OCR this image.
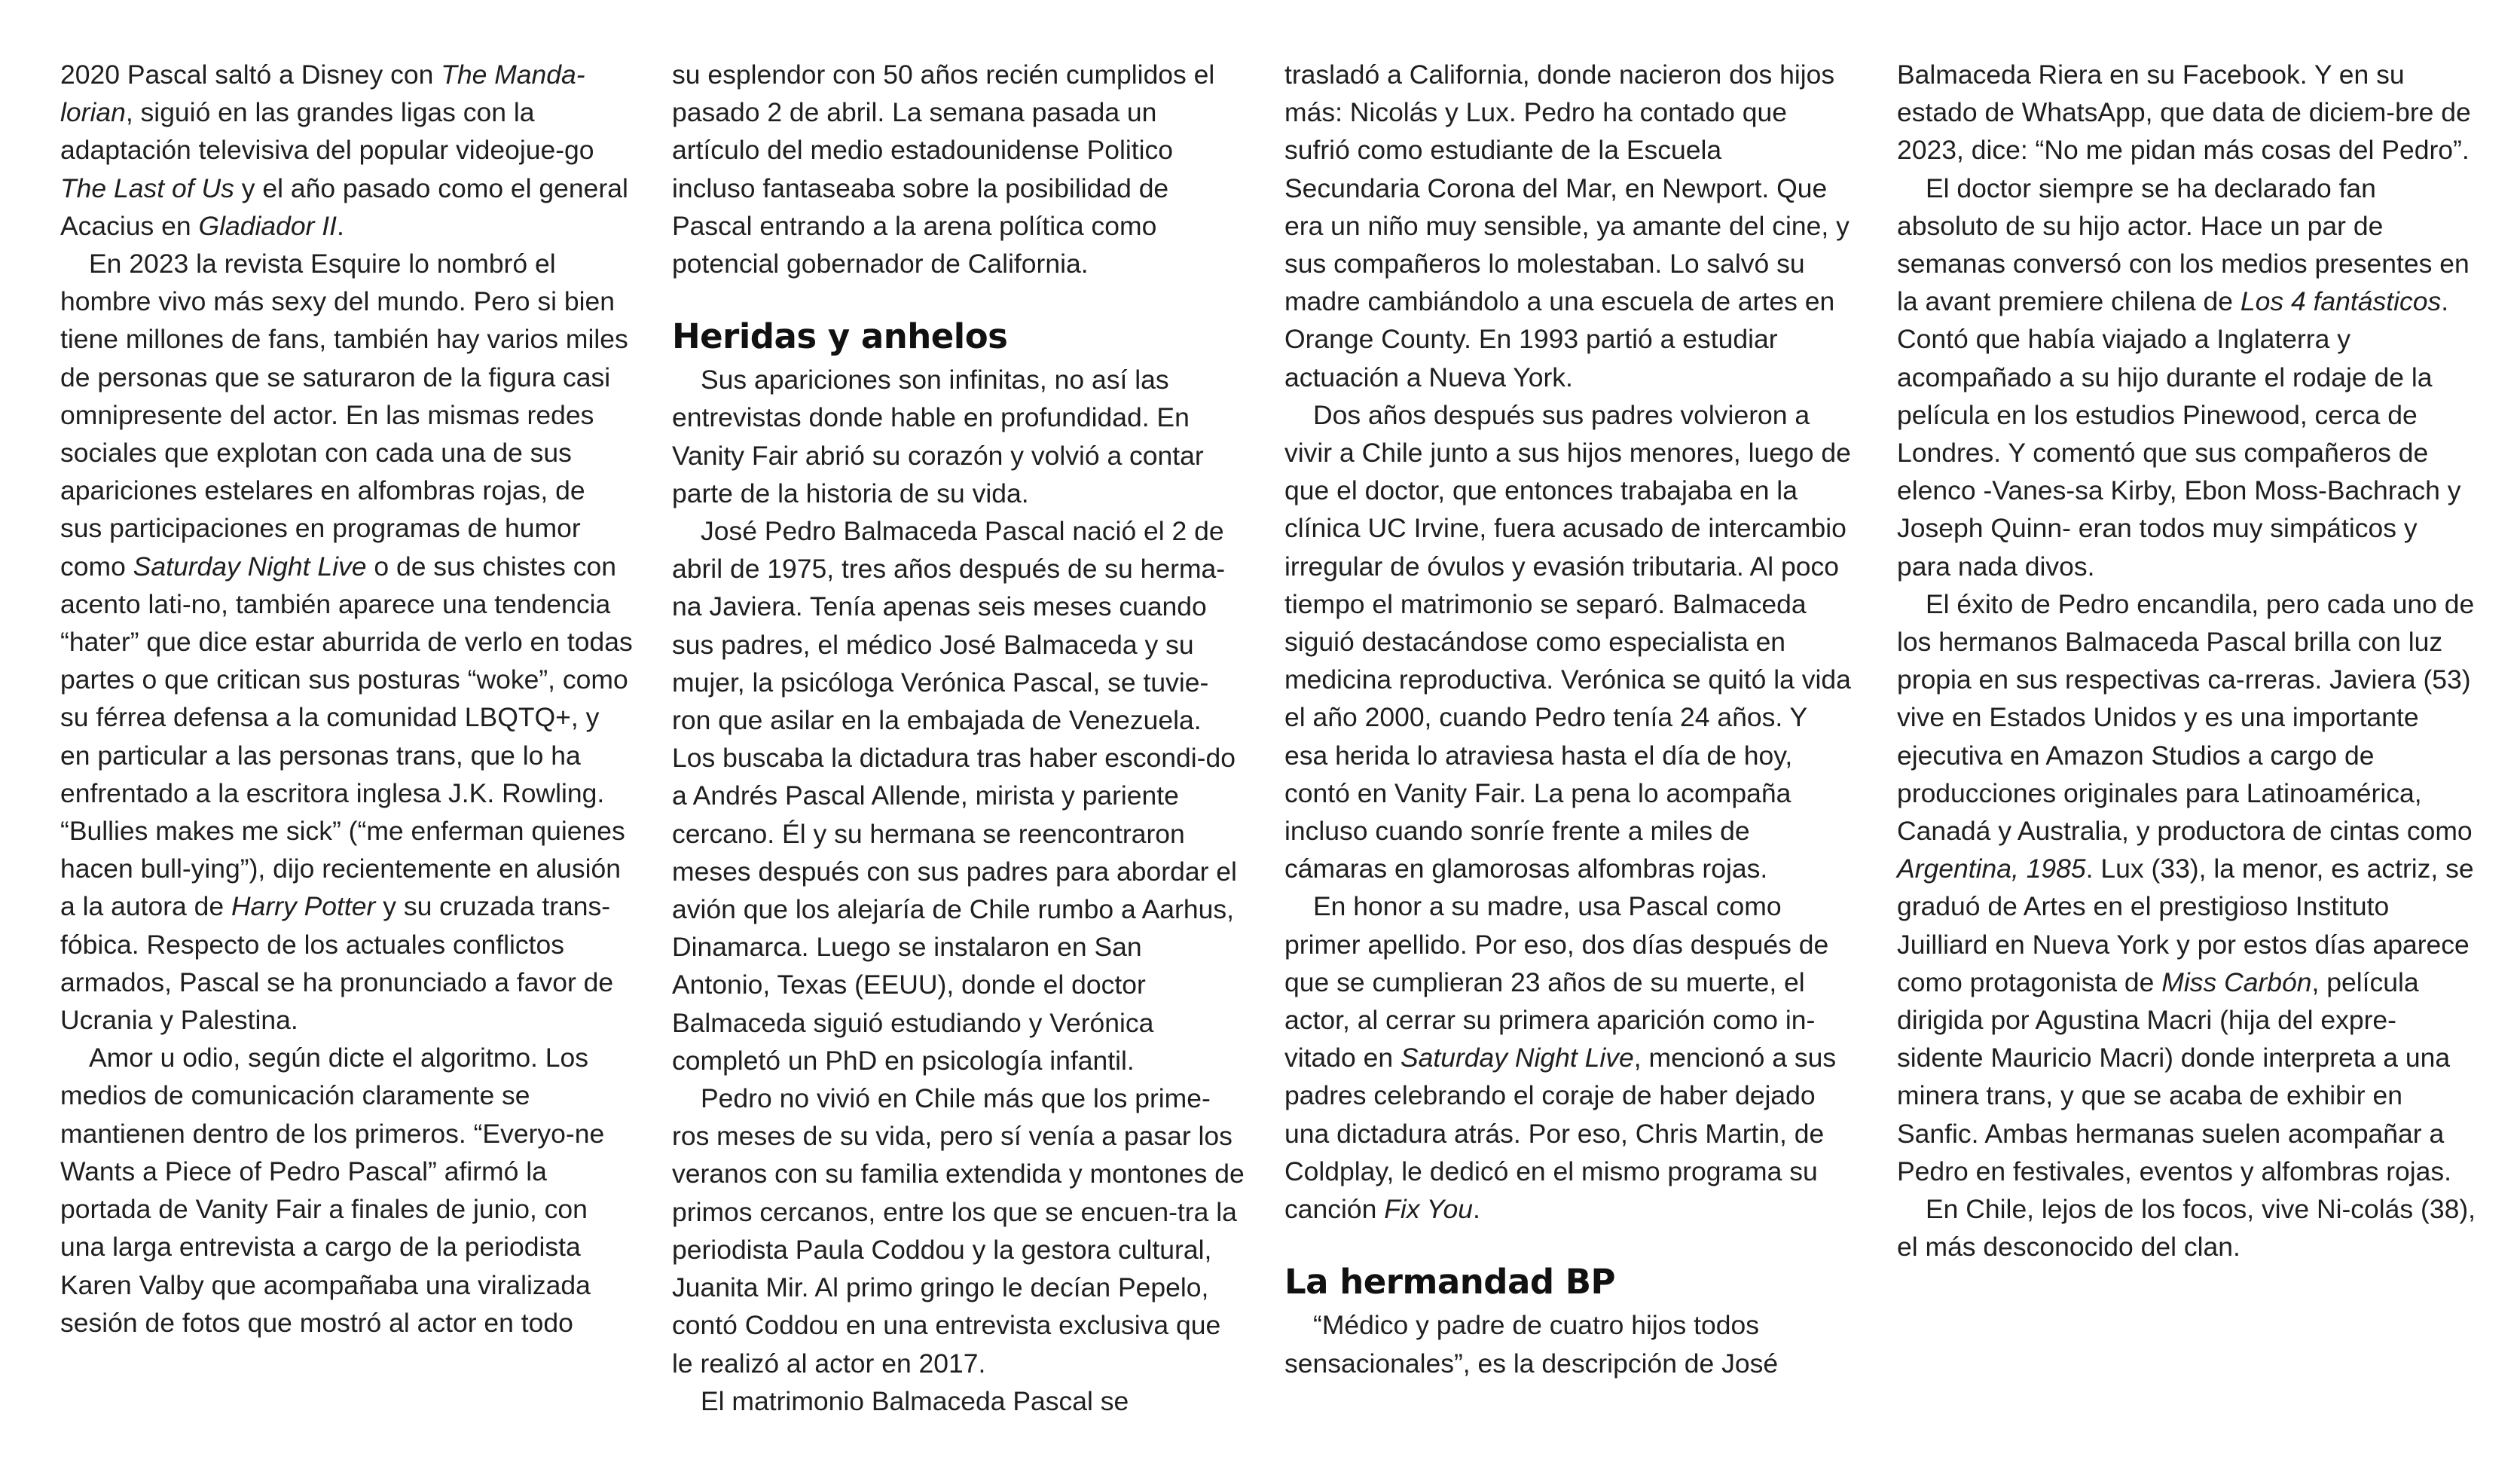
2020 Pascal saltó a Disney con The Manda-lorian, siguió en las grandes ligas con la adaptación televisiva del popular videojue-go The Last of Us y el año pasado como el general Acacius en Gladiador II.

En 2023 la revista Esquire lo nombró el hombre vivo más sexy del mundo. Pero si bien tiene millones de fans, también hay varios miles de personas que se saturaron de la figura casi omnipresente del actor. En las mismas redes sociales que explotan con cada una de sus apariciones estelares en alfombras rojas, de sus participaciones en programas de humor como Saturday Night Live o de sus chistes con acento lati-no, también aparece una tendencia “hater” que dice estar aburrida de verlo en todas partes o que critican sus posturas “woke”, como su férrea defensa a la comunidad LBQTQ+, y en particular a las personas trans, que lo ha enfrentado a la escritora inglesa J.K. Rowling. “Bullies makes me sick” (“me enferman quienes hacen bull-ying”), dijo recientemente en alusión a la autora de Harry Potter y su cruzada trans-fóbica. Respecto de los actuales conflictos armados, Pascal se ha pronunciado a favor de Ucrania y Palestina.

Amor u odio, según dicte el algoritmo. Los medios de comunicación claramente se mantienen dentro de los primeros. “Everyo-ne Wants a Piece of Pedro Pascal” afirmó la portada de Vanity Fair a finales de junio, con una larga entrevista a cargo de la periodista Karen Valby que acompañaba una viralizada sesión de fotos que mostró al actor en todo

su esplendor con 50 años recién cumplidos el pasado 2 de abril. La semana pasada un artículo del medio estadounidense Politico incluso fantaseaba sobre la posibilidad de Pascal entrando a la arena política como potencial gobernador de California.

Heridas y anhelos

Sus apariciones son infinitas, no así las entrevistas donde hable en profundidad. En Vanity Fair abrió su corazón y volvió a contar parte de la historia de su vida.

José Pedro Balmaceda Pascal nació el 2 de abril de 1975, tres años después de su herma-na Javiera. Tenía apenas seis meses cuando sus padres, el médico José Balmaceda y su mujer, la psicóloga Verónica Pascal, se tuvie-ron que asilar en la embajada de Venezuela. Los buscaba la dictadura tras haber escondi-do a Andrés Pascal Allende, mirista y pariente cercano. Él y su hermana se reencontraron meses después con sus padres para abordar el avión que los alejaría de Chile rumbo a Aarhus, Dinamarca. Luego se instalaron en San Antonio, Texas (EEUU), donde el doctor Balmaceda siguió estudiando y Verónica completó un PhD en psicología infantil.

Pedro no vivió en Chile más que los prime-ros meses de su vida, pero sí venía a pasar los veranos con su familia extendida y montones de primos cercanos, entre los que se encuen-tra la periodista Paula Coddou y la gestora cultural, Juanita Mir. Al primo gringo le decían Pepelo, contó Coddou en una entrevista exclusiva que le realizó al actor en 2017.

El matrimonio Balmaceda Pascal se

trasladó a California, donde nacieron dos hijos más: Nicolás y Lux. Pedro ha contado que sufrió como estudiante de la Escuela Secundaria Corona del Mar, en Newport. Que era un niño muy sensible, ya amante del cine, y sus compañeros lo molestaban. Lo salvó su madre cambiándolo a una escuela de artes en Orange County. En 1993 partió a estudiar actuación a Nueva York.

Dos años después sus padres volvieron a vivir a Chile junto a sus hijos menores, luego de que el doctor, que entonces trabajaba en la clínica UC Irvine, fuera acusado de intercambio irregular de óvulos y evasión tributaria. Al poco tiempo el matrimonio se separó. Balmaceda siguió destacándose como especialista en medicina reproductiva. Verónica se quitó la vida el año 2000, cuando Pedro tenía 24 años. Y esa herida lo atraviesa hasta el día de hoy, contó en Vanity Fair. La pena lo acompaña incluso cuando sonríe frente a miles de cámaras en glamorosas alfombras rojas.

En honor a su madre, usa Pascal como primer apellido. Por eso, dos días después de que se cumplieran 23 años de su muerte, el actor, al cerrar su primera aparición como in-vitado en Saturday Night Live, mencionó a sus padres celebrando el coraje de haber dejado una dictadura atrás. Por eso, Chris Martin, de Coldplay, le dedicó en el mismo programa su canción Fix You.

La hermandad BP

“Médico y padre de cuatro hijos todos sensacionales”, es la descripción de José

Balmaceda Riera en su Facebook. Y en su estado de WhatsApp, que data de diciem-bre de 2023, dice: “No me pidan más cosas del Pedro”.

El doctor siempre se ha declarado fan absoluto de su hijo actor. Hace un par de semanas conversó con los medios presentes en la avant premiere chilena de Los 4 fantásticos. Contó que había viajado a Inglaterra y acompañado a su hijo durante el rodaje de la película en los estudios Pinewood, cerca de Londres. Y comentó que sus compañeros de elenco -Vanes-sa Kirby, Ebon Moss-Bachrach y Joseph Quinn- eran todos muy simpáticos y para nada divos.

El éxito de Pedro encandila, pero cada uno de los hermanos Balmaceda Pascal brilla con luz propia en sus respectivas ca-rreras. Javiera (53) vive en Estados Unidos y es una importante ejecutiva en Amazon Studios a cargo de producciones originales para Latinoamérica, Canadá y Australia, y productora de cintas como Argentina, 1985. Lux (33), la menor, es actriz, se graduó de Artes en el prestigioso Instituto Juilliard en Nueva York y por estos días aparece como protagonista de Miss Carbón, película dirigida por Agustina Macri (hija del expre-sidente Mauricio Macri) donde interpreta a una minera trans, y que se acaba de exhibir en Sanfic. Ambas hermanas suelen acompañar a Pedro en festivales, eventos y alfombras rojas.

En Chile, lejos de los focos, vive Ni-colás (38), el más desconocido del clan.
